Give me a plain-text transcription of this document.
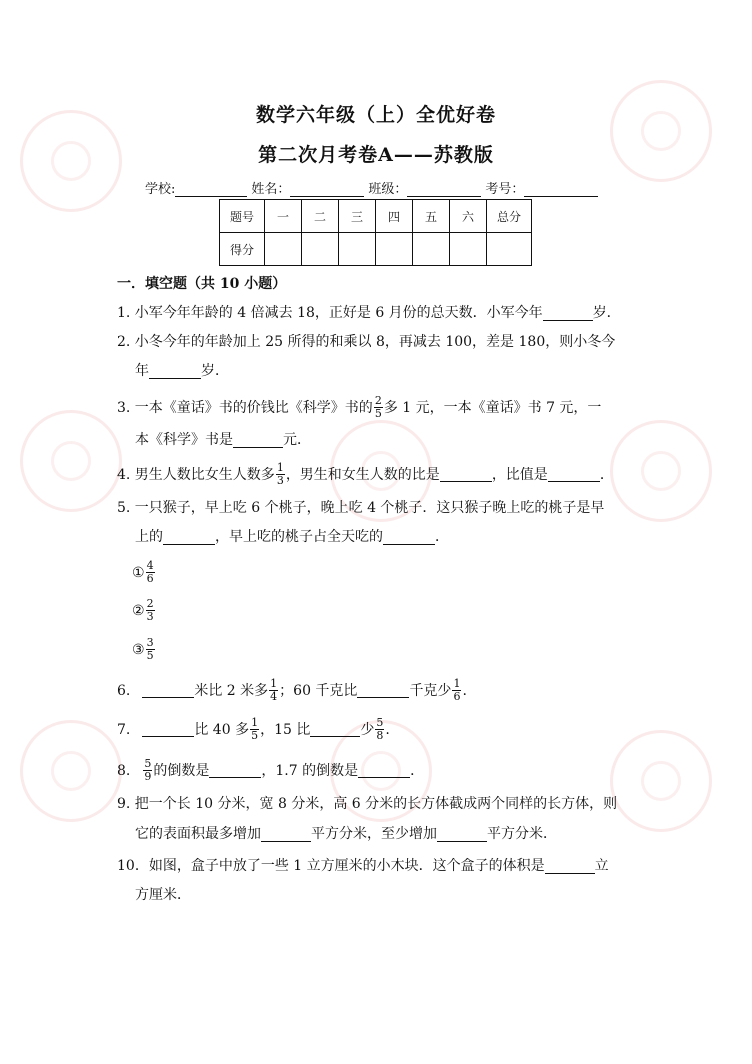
数学六年级（上）全优好卷
第二次月考卷A——苏教版
学校:	姓名：	班级：	考号：
题号	一	二	三	四	五	六	总分
得分							
一．填空题（共 10 小题）
1. 小军今年年龄的 4 倍减去 18，正好是 6 月份的总天数．小军今年	岁．
2. 小冬今年的年龄加上 25 所得的和乘以 8，再减去 100，差是 180，则小冬今
年	岁．
3. 一本《童话》书的价钱比《科学》书的 $\frac{2}{5}$ 多 1 元，一本《童话》书 7 元，一
本《科学》书是	元．
4. 男生人数比女生人数多 $\frac{1}{3}$ ，男生和女生人数的比是	，比值是	．
5. 一只猴子，早上吃 6 个桃子，晚上吃 4 个桃子．这只猴子晚上吃的桃子是早
上的	，早上吃的桃子占全天吃的	．
① $\frac{4}{6}$
② $\frac{2}{3}$
③ $\frac{3}{5}$
6.	米比 2 米多 $\frac{1}{4}$ ；60 千克比	千克少 $\frac{1}{6}$ .
7.	比 40 多 $\frac{1}{5}$ ，15 比	少 $\frac{5}{8}$ .
8. $\frac{5}{9}$ 的倒数是	，1.7 的倒数是	．
9. 把一个长 10 分米，宽 8 分米，高 6 分米的长方体截成两个同样的长方体，则
它的表面积最多增加	平方分米，至少增加	平方分米．
10．如图，盒子中放了一些 1 立方厘米的小木块．这个盒子的体积是	立
方厘米．
